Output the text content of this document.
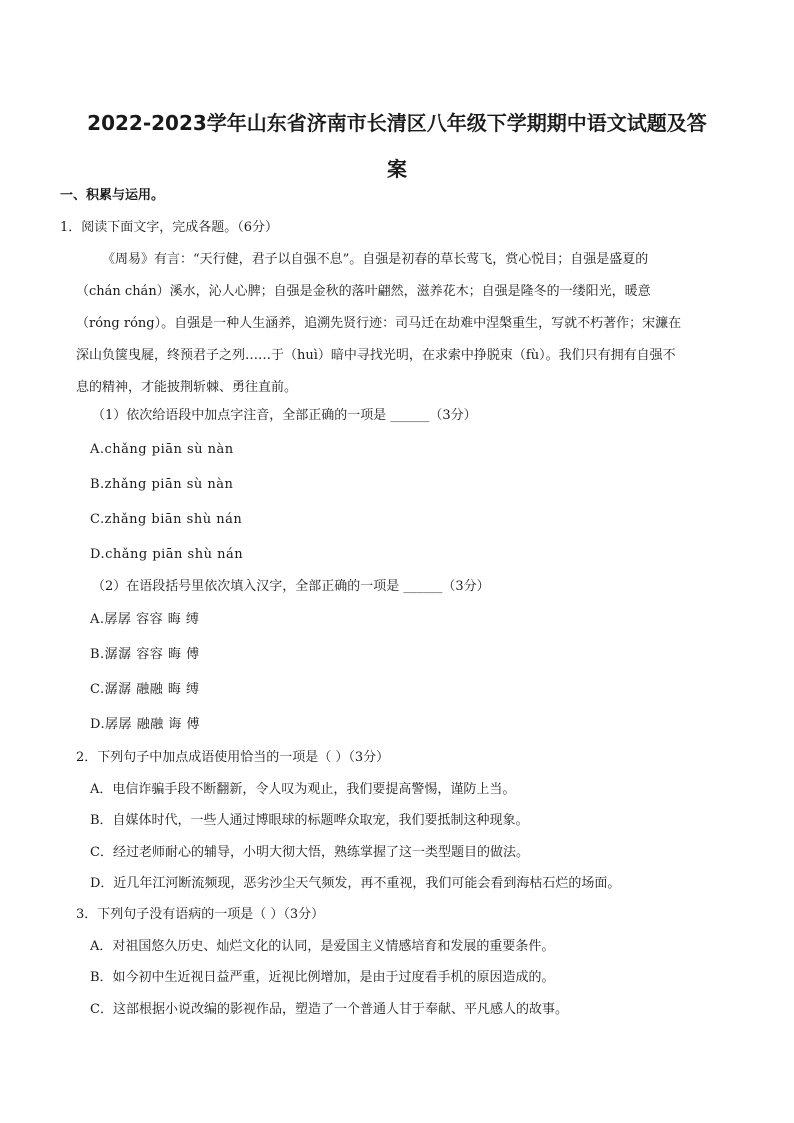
2022-2023学年山东省济南市长清区八年级下学期期中语文试题及答
案
一、积累与运用。
1．阅读下面文字，完成各题。（6分）
《周易》有言：“天行健，君子以自强不息”。自强是初春的草长莺飞，赏心悦目；自强是盛夏的
（chán chán）溪水，沁人心脾；自强是金秋的落叶翩然，滋养花木；自强是隆冬的一缕阳光，暖意
（róng róng）。自强是一种人生涵养，追溯先贤行迹：司马迁在劫难中涅槃重生，写就不朽著作；宋濂在
深山负箧曳屣，终预君子之列……于（huì）暗中寻找光明，在求索中挣脱束（fù）。我们只有拥有自强不
息的精神，才能披荆斩棘、勇往直前。
（1）依次给语段中加点字注音，全部正确的一项是 ______（3分）
A.chǎng piān sù nàn
B.zhǎng piān sù nàn
C.zhǎng biān shù nán
D.chǎng piān shù nán
（2）在语段括号里依次填入汉字，全部正确的一项是 ______（3分）
A.孱孱 容容 晦 缚
B.潺潺 容容 晦 傅
C.潺潺 融融 晦 缚
D.孱孱 融融 诲 傅
2．下列句子中加点成语使用恰当的一项是（ ）（3分）
A．电信诈骗手段不断翻新，令人叹为观止，我们要提高警惕，谨防上当。
B．自媒体时代，一些人通过博眼球的标题哗众取宠，我们要抵制这种现象。
C．经过老师耐心的辅导，小明大彻大悟，熟练掌握了这一类型题目的做法。
D．近几年江河断流频现，恶劣沙尘天气频发，再不重视，我们可能会看到海枯石烂的场面。
3．下列句子没有语病的一项是（ ）（3分）
A．对祖国悠久历史、灿烂文化的认同，是爱国主义情感培育和发展的重要条件。
B．如今初中生近视日益严重，近视比例增加，是由于过度看手机的原因造成的。
C．这部根据小说改编的影视作品，塑造了一个普通人甘于奉献、平凡感人的故事。
